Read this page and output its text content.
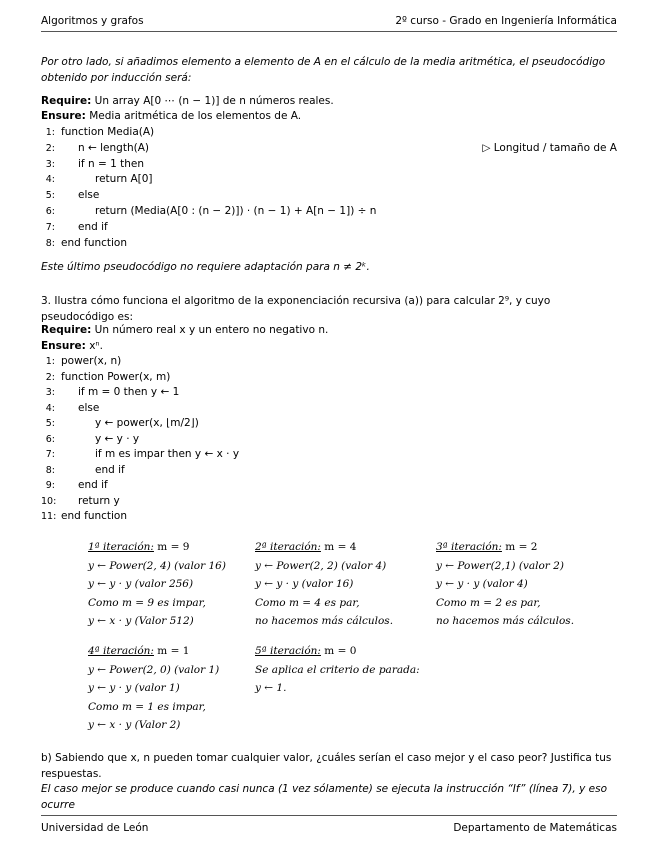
Algoritmos y grafos	2º curso - Grado en Ingeniería Informática
Por otro lado, si añadimos elemento a elemento de A en el cálculo de la media aritmética, el pseudocódigo obtenido por inducción será:
Require: Un array A[0 ⋯ (n − 1)] de n números reales.
Ensure: Media aritmética de los elementos de A.
1: function Media(A)
2: n ← length(A)	▷ Longitud / tamaño de A
3: if n = 1 then
4:	return A[0]
5: else
6:	return (Media(A[0 : (n − 2)]) · (n − 1) + A[n − 1]) ÷ n
7: end if
8: end function
Este último pseudocódigo no requiere adaptación para n ≠ 2ᵏ.
3. Ilustra cómo funciona el algoritmo de la exponenciación recursiva (a)) para calcular 2⁹, y cuyo pseudocódigo es:
Require: Un número real x y un entero no negativo n.
Ensure: xⁿ.
1: power(x, n)
2: function Power(x, m)
3: if m = 0 then y ← 1
4: else
5:	y ← power(x, ⌊m/2⌋)
6:	y ← y · y
7:	if m es impar then y ← x · y
8:	end if
9: end if
10: return y
11: end function
1ª iteración: m = 9
y ← Power(2, 4) (valor 16)
y ← y · y (valor 256)
Como m = 9 es impar,
y ← x · y (Valor 512)
2ª iteración: m = 4
y ← Power(2, 2) (valor 4)
y ← y · y (valor 16)
Como m = 4 es par,
no hacemos más cálculos.
3ª iteración: m = 2
y ← Power(2,1) (valor 2)
y ← y · y (valor 4)
Como m = 2 es par,
no hacemos más cálculos.
4ª iteración: m = 1
y ← Power(2, 0) (valor 1)
y ← y · y (valor 1)
Como m = 1 es impar,
y ← x · y (Valor 2)
5ª iteración: m = 0
Se aplica el criterio de parada:
y ← 1.
b) Sabiendo que x, n pueden tomar cualquier valor, ¿cuáles serían el caso mejor y el caso peor? Justifica tus respuestas.
El caso mejor se produce cuando casi nunca (1 vez sólamente) se ejecuta la instrucción “If” (línea 7), y eso ocurre
Universidad de León	Departamento de Matemáticas
